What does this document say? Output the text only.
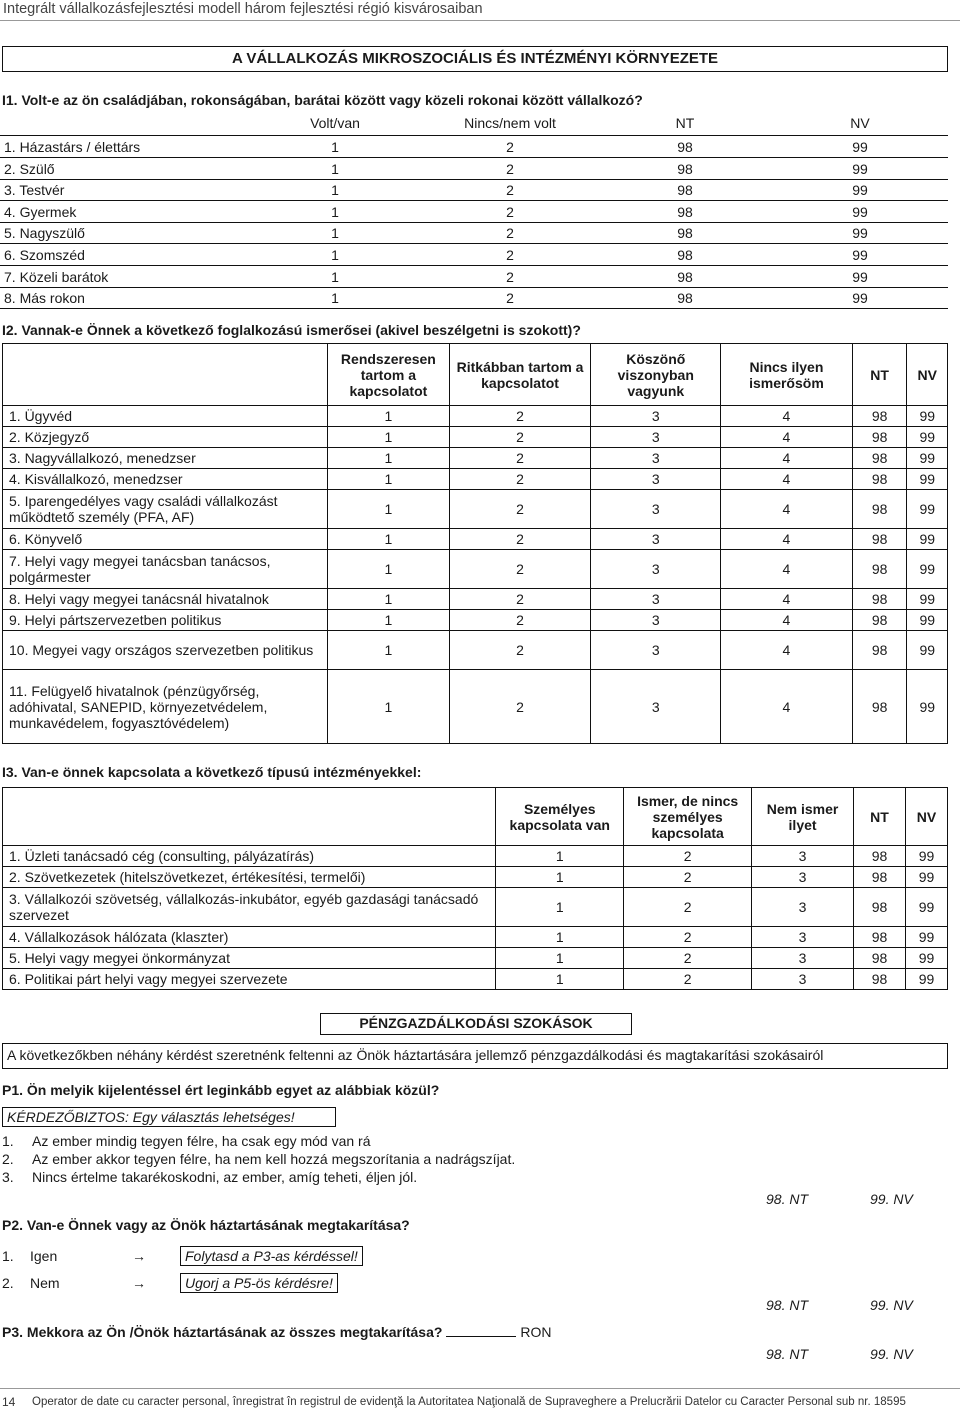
Integrált vállalkozásfejlesztési modell három fejlesztési régió kisvárosaiban
A VÁLLALKOZÁS MIKROSZOCIÁLIS ÉS INTÉZMÉNYI KÖRNYEZETE
I1. Volt-e az ön családjában, rokonságában, barátai között vagy közeli rokonai között vállalkozó?
Volt/van	Nincs/nem volt	NT	NV
1. Házastárs / élettárs	1	2	98	99
2. Szülő	1	2	98	99
3. Testvér	1	2	98	99
4. Gyermek	1	2	98	99
5. Nagyszülő	1	2	98	99
6. Szomszéd	1	2	98	99
7. Közeli barátok	1	2	98	99
8. Más rokon	1	2	98	99
I2. Vannak-e Önnek a következő foglalkozású ismerősei (akivel beszélgetni is szokott)?
	Rendszeresen tartom a kapcsolatot	Ritkábban tartom a kapcsolatot	Köszönő viszonyban vagyunk	Nincs ilyen ismerősöm	NT	NV
1. Ügyvéd	1	2	3	4	98	99
2. Közjegyző	1	2	3	4	98	99
3. Nagyvállalkozó, menedzser	1	2	3	4	98	99
4. Kisvállalkozó, menedzser	1	2	3	4	98	99
5. Iparengedélyes vagy családi vállalkozást működtető személy (PFA, AF)	1	2	3	4	98	99
6. Könyvelő	1	2	3	4	98	99
7. Helyi vagy megyei tanácsban tanácsos, polgármester	1	2	3	4	98	99
8. Helyi vagy megyei tanácsnál hivatalnok	1	2	3	4	98	99
9. Helyi pártszervezetben politikus	1	2	3	4	98	99
10. Megyei vagy országos szervezetben politikus	1	2	3	4	98	99
11. Felügyelő hivatalnok (pénzügyőrség, adóhivatal, SANEPID, környezetvédelem, munkavédelem, fogyasztóvédelem)	1	2	3	4	98	99
I3. Van-e önnek kapcsolata a következő típusú intézményekkel:
	Személyes kapcsolata van	Ismer, de nincs személyes kapcsolata	Nem ismer ilyet	NT	NV
1. Üzleti tanácsadó cég (consulting, pályázatírás)	1	2	3	98	99
2. Szövetkezetek (hitelszövetkezet, értékesítési, termelői)	1	2	3	98	99
3. Vállalkozói szövetség, vállalkozás-inkubátor, egyéb gazdasági tanácsadó szervezet	1	2	3	98	99
4. Vállalkozások hálózata (klaszter)	1	2	3	98	99
5. Helyi vagy megyei önkormányzat	1	2	3	98	99
6. Politikai párt helyi vagy megyei szervezete	1	2	3	98	99
PÉNZGAZDÁLKODÁSI SZOKÁSOK
A következőkben néhány kérdést szeretnénk feltenni az Önök háztartására jellemző pénzgazdálkodási és magtakarítási szokásairól
P1. Ön melyik kijelentéssel ért leginkább egyet az alábbiak közül?
KÉRDEZŐBIZTOS: Egy választás lehetséges!
1. Az ember mindig tegyen félre, ha csak egy mód van rá
2. Az ember akkor tegyen félre, ha nem kell hozzá megszorítania a nadrágszíjat.
3. Nincs értelme takarékoskodni, az ember, amíg teheti, éljen jól.
98. NT	99. NV
P2. Van-e Önnek vagy az Önök háztartásának megtakarítása?
1. Igen	→	Folytasd a P3-as kérdéssel!
2. Nem	→	Ugorj a P5-ös kérdésre!
98. NT	99. NV
P3. Mekkora az Ön /Önök háztartásának az összes megtakarítása?	RON
98. NT	99. NV
14 Operator de date cu caracter personal, înregistrat în registrul de evidenţă la Autoritatea Naţională de Supraveghere a Prelucrării Datelor cu Caracter Personal sub nr. 18595
